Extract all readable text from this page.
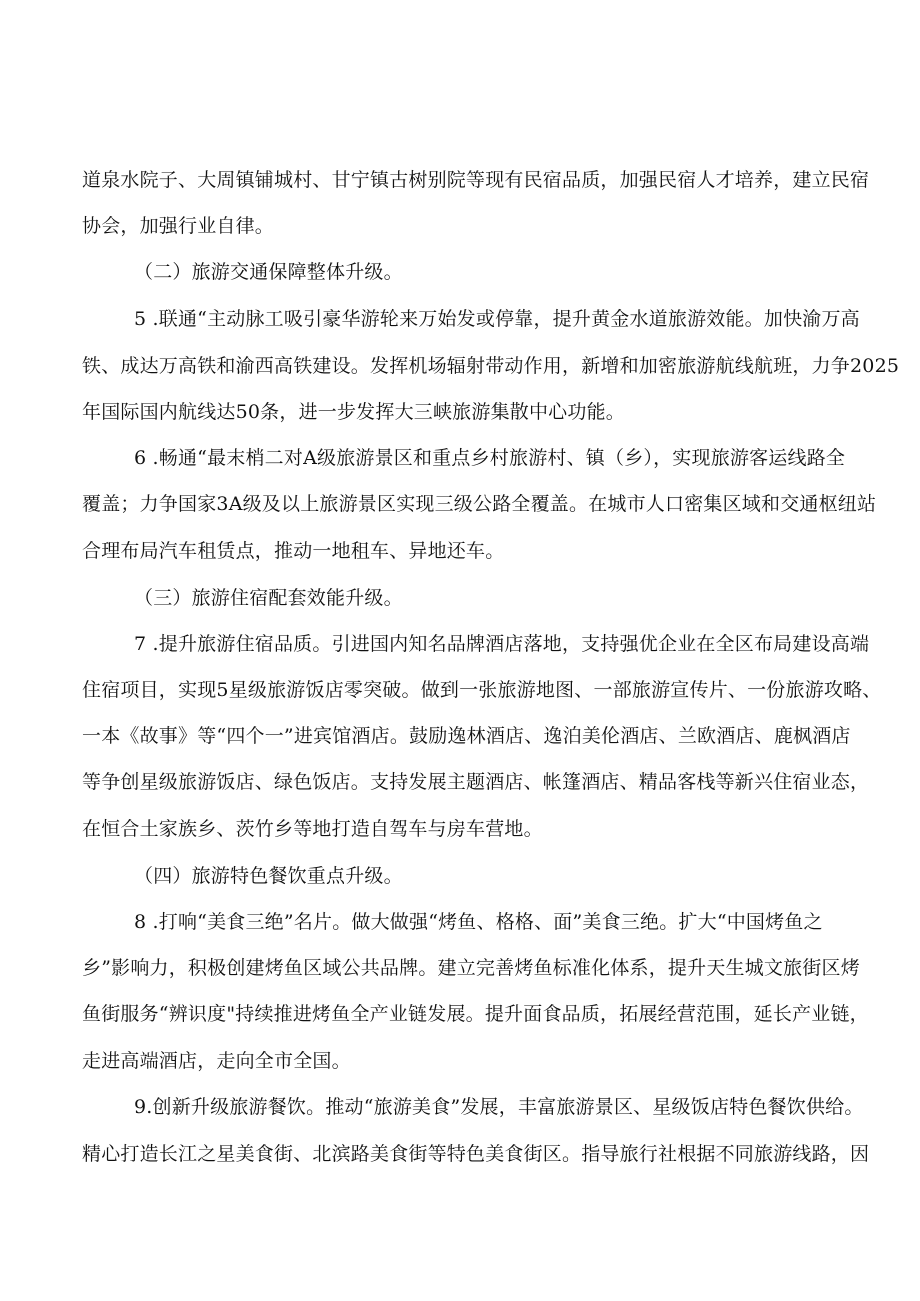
道泉水院子、大周镇铺城村、甘宁镇古树别院等现有民宿品质，加强民宿人才培养，建立民宿
协会，加强行业自律。
（二）旅游交通保障整体升级。
5 .联通“主动脉工吸引豪华游轮来万始发或停靠，提升黄金水道旅游效能。加快渝万高
铁、成达万高铁和渝西高铁建设。发挥机场辐射带动作用，新增和加密旅游航线航班，力争2025
年国际国内航线达50条，进一步发挥大三峡旅游集散中心功能。
6 .畅通“最末梢二对A级旅游景区和重点乡村旅游村、镇（乡），实现旅游客运线路全
覆盖；力争国家3A级及以上旅游景区实现三级公路全覆盖。在城市人口密集区域和交通枢纽站
合理布局汽车租赁点，推动一地租车、异地还车。
（三）旅游住宿配套效能升级。
7 .提升旅游住宿品质。引进国内知名品牌酒店落地，支持强优企业在全区布局建设高端
住宿项目，实现5星级旅游饭店零突破。做到一张旅游地图、一部旅游宣传片、一份旅游攻略、
一本《故事》等“四个一”进宾馆酒店。鼓励逸林酒店、逸泊美伦酒店、兰欧酒店、鹿枫酒店
等争创星级旅游饭店、绿色饭店。支持发展主题酒店、帐篷酒店、精品客栈等新兴住宿业态，
在恒合土家族乡、茨竹乡等地打造自驾车与房车营地。
（四）旅游特色餐饮重点升级。
8 .打响“美食三绝”名片。做大做强“烤鱼、格格、面”美食三绝。扩大“中国烤鱼之
乡”影响力，积极创建烤鱼区域公共品牌。建立完善烤鱼标准化体系，提升天生城文旅街区烤
鱼街服务“辨识度"持续推进烤鱼全产业链发展。提升面食品质，拓展经营范围，延长产业链，
走进高端酒店，走向全市全国。
9.创新升级旅游餐饮。推动“旅游美食”发展，丰富旅游景区、星级饭店特色餐饮供给。
精心打造长江之星美食街、北滨路美食街等特色美食街区。指导旅行社根据不同旅游线路，因
